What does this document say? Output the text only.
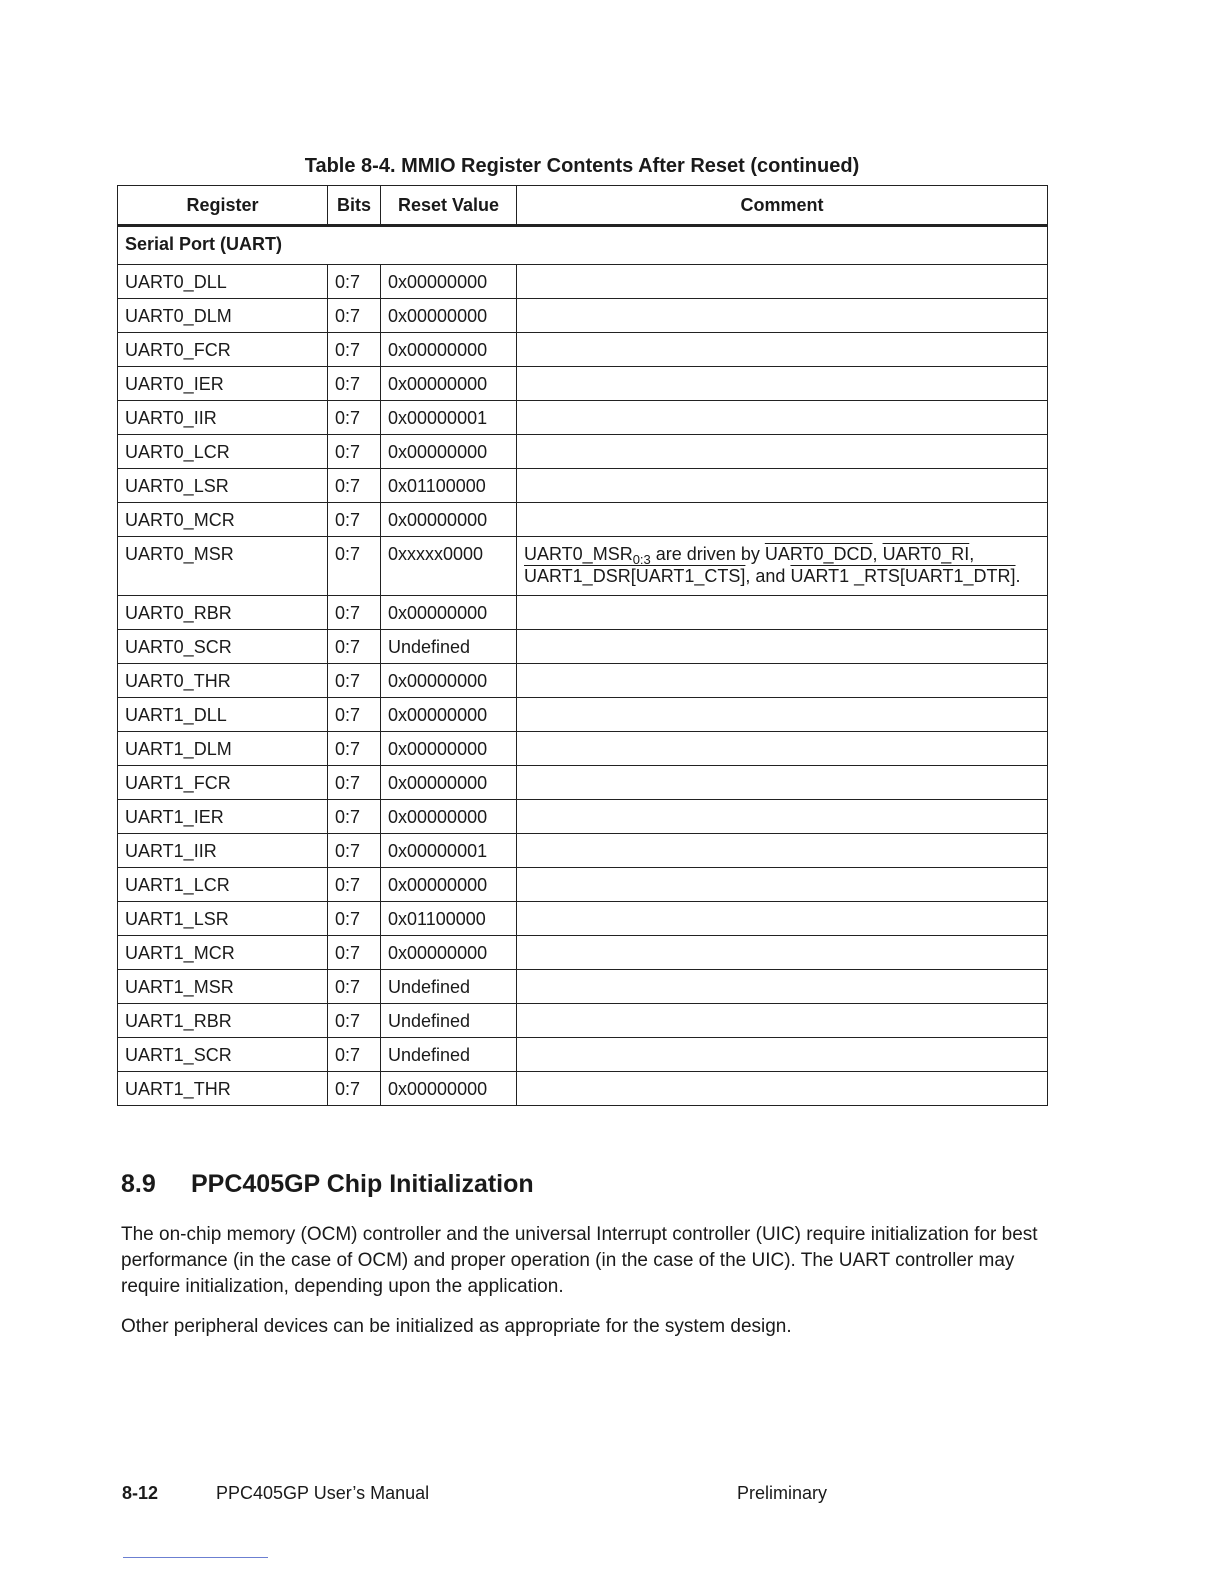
Table 8-4. MMIO Register Contents After Reset (continued)
Register	Bits	Reset Value	Comment
Serial Port (UART)			
UART0_DLL	0:7	0x00000000	
UART0_DLM	0:7	0x00000000	
UART0_FCR	0:7	0x00000000	
UART0_IER	0:7	0x00000000	
UART0_IIR	0:7	0x00000001	
UART0_LCR	0:7	0x00000000	
UART0_LSR	0:7	0x01100000	
UART0_MCR	0:7	0x00000000	
UART0_MSR	0:7	0xxxxx0000	$UART0\_MSR_{0:3}$ are driven by UART0_DCD, UART0_RI,
UART1_DSR[UART1_CTS], and UART1 _RTS[UART1_DTR].
UART0_RBR	0:7	0x00000000	
UART0_SCR	0:7	Undefined	
UART0_THR	0:7	0x00000000	
UART1_DLL	0:7	0x00000000	
UART1_DLM	0:7	0x00000000	
UART1_FCR	0:7	0x00000000	
UART1_IER	0:7	0x00000000	
UART1_IIR	0:7	0x00000001	
UART1_LCR	0:7	0x00000000	
UART1_LSR	0:7	0x01100000	
UART1_MCR	0:7	0x00000000	
UART1_MSR	0:7	Undefined	
UART1_RBR	0:7	Undefined	
UART1_SCR	0:7	Undefined	
UART1_THR	0:7	0x00000000	
8.9 PPC405GP Chip Initialization

The on-chip memory (OCM) controller and the universal Interrupt controller (UIC) require initialization for best performance (in the case of OCM) and proper operation (in the case of the UIC). The UART controller may require initialization, depending upon the application.

Other peripheral devices can be initialized as appropriate for the system design.

8-12	PPC405GP User’s Manual	Preliminary
